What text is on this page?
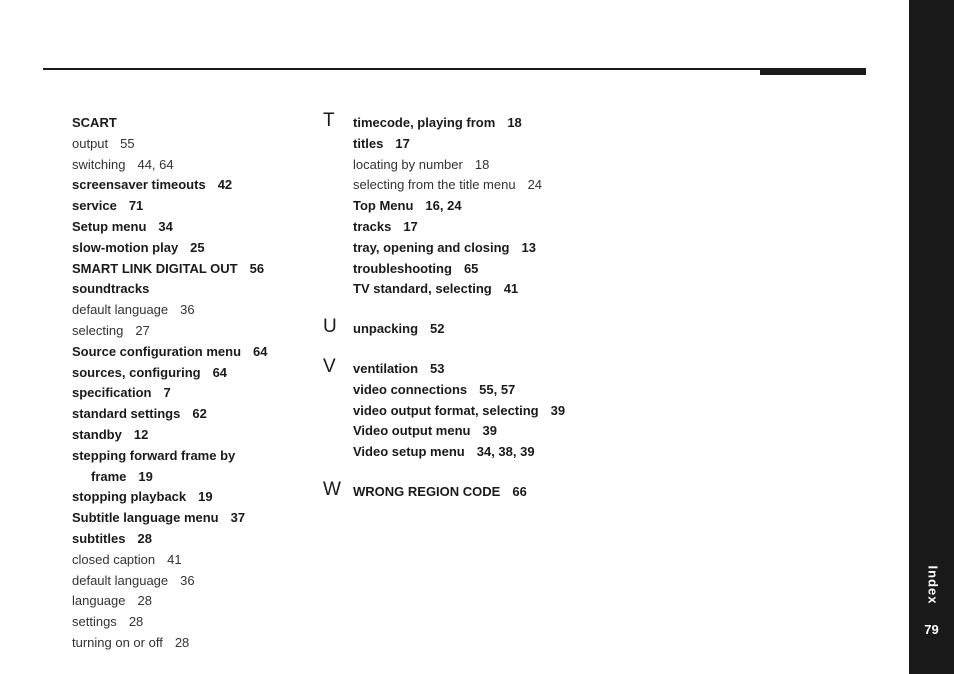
SCART
output 55
switching 44, 64
screensaver timeouts 42
service 71
Setup menu 34
slow-motion play 25
SMART LINK DIGITAL OUT 56
soundtracks
default language 36
selecting 27
Source configuration menu 64
sources, configuring 64
specification 7
standard settings 62
standby 12
stepping forward frame by
frame 19
stopping playback 19
Subtitle language menu 37
subtitles 28
closed caption 41
default language 36
language 28
settings 28
turning on or off 28
T timecode, playing from 18
titles 17
locating by number 18
selecting from the title menu 24
Top Menu 16, 24
tracks 17
tray, opening and closing 13
troubleshooting 65
TV standard, selecting 41
U unpacking 52
V ventilation 53
video connections 55, 57
video output format, selecting 39
Video output menu 39
Video setup menu 34, 38, 39
W WRONG REGION CODE 66
Index
79
